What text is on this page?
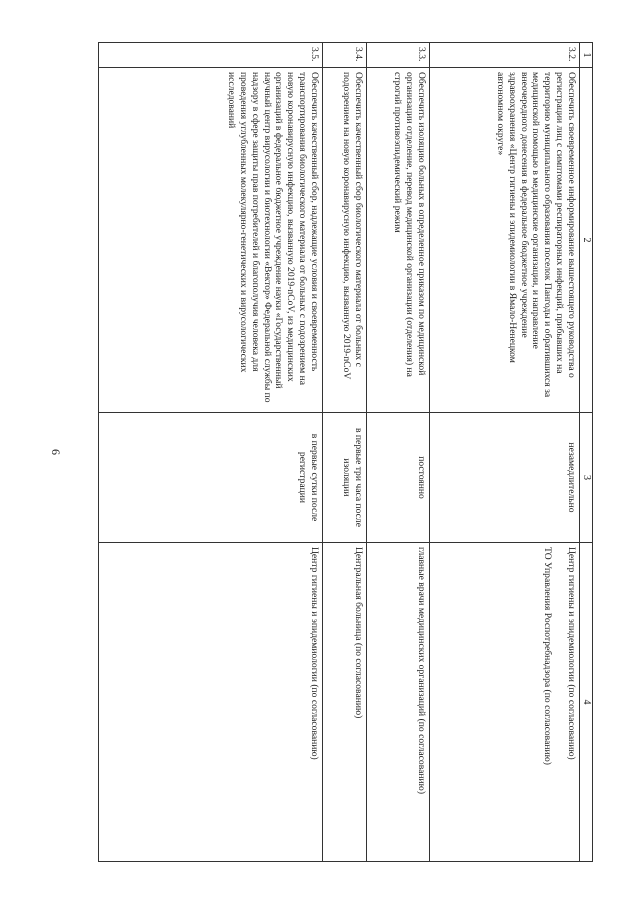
6
1	2	3	4
3.2.	Обеспечить своевременное информирование вышестоящего руководства о регистрации лиц с симптомами респираторных инфекций, прибывших на территорию муниципального образования поселок Пангоды и обратившихся за медицинской помощью в медицинские организации, и направление внеочередного донесения в федеральное бюджетное учреждение здравоохранения «Центр гигиены и эпидемиологии в Ямало-Ненецком автономном округе»	незамедлительно	Центр гигиены и эпидемиологии (по согласованию)
ТО Управления Роспотребнадзора (по согласованию)
3.3.	Обеспечить изоляцию больных в определенное приказом по медицинской организации отделение, перевод медицинской организации (отделения) на строгий противоэпидемический режим	постоянно	главные врачи медицинских организаций (по согласованию)
3.4.	Обеспечить качественный сбор биологического материала от больных с подозрением на новую коронавирусную инфекцию, вызванную 2019-nCoV	в первые три часа после изоляции	Центральная больница (по согласованию)
3.5.	Обеспечить качественный сбор, надлежащие условия и своевременность транспортирования биологического материала от больных с подозрением на новую коронавирусную инфекцию, вызванную 2019-nCoV, из медицинских организаций в федеральное бюджетное учреждение науки «Государственный научный центр вирусологии и биотехнологии «Вектор» Федеральной службы по надзору в сфере защиты прав потребителей и благополучия человека для проведения углубленных молекулярно-генетических и вирусологических исследований	в первые сутки после регистрации	Центр гигиены и эпидемиологии (по согласованию)
